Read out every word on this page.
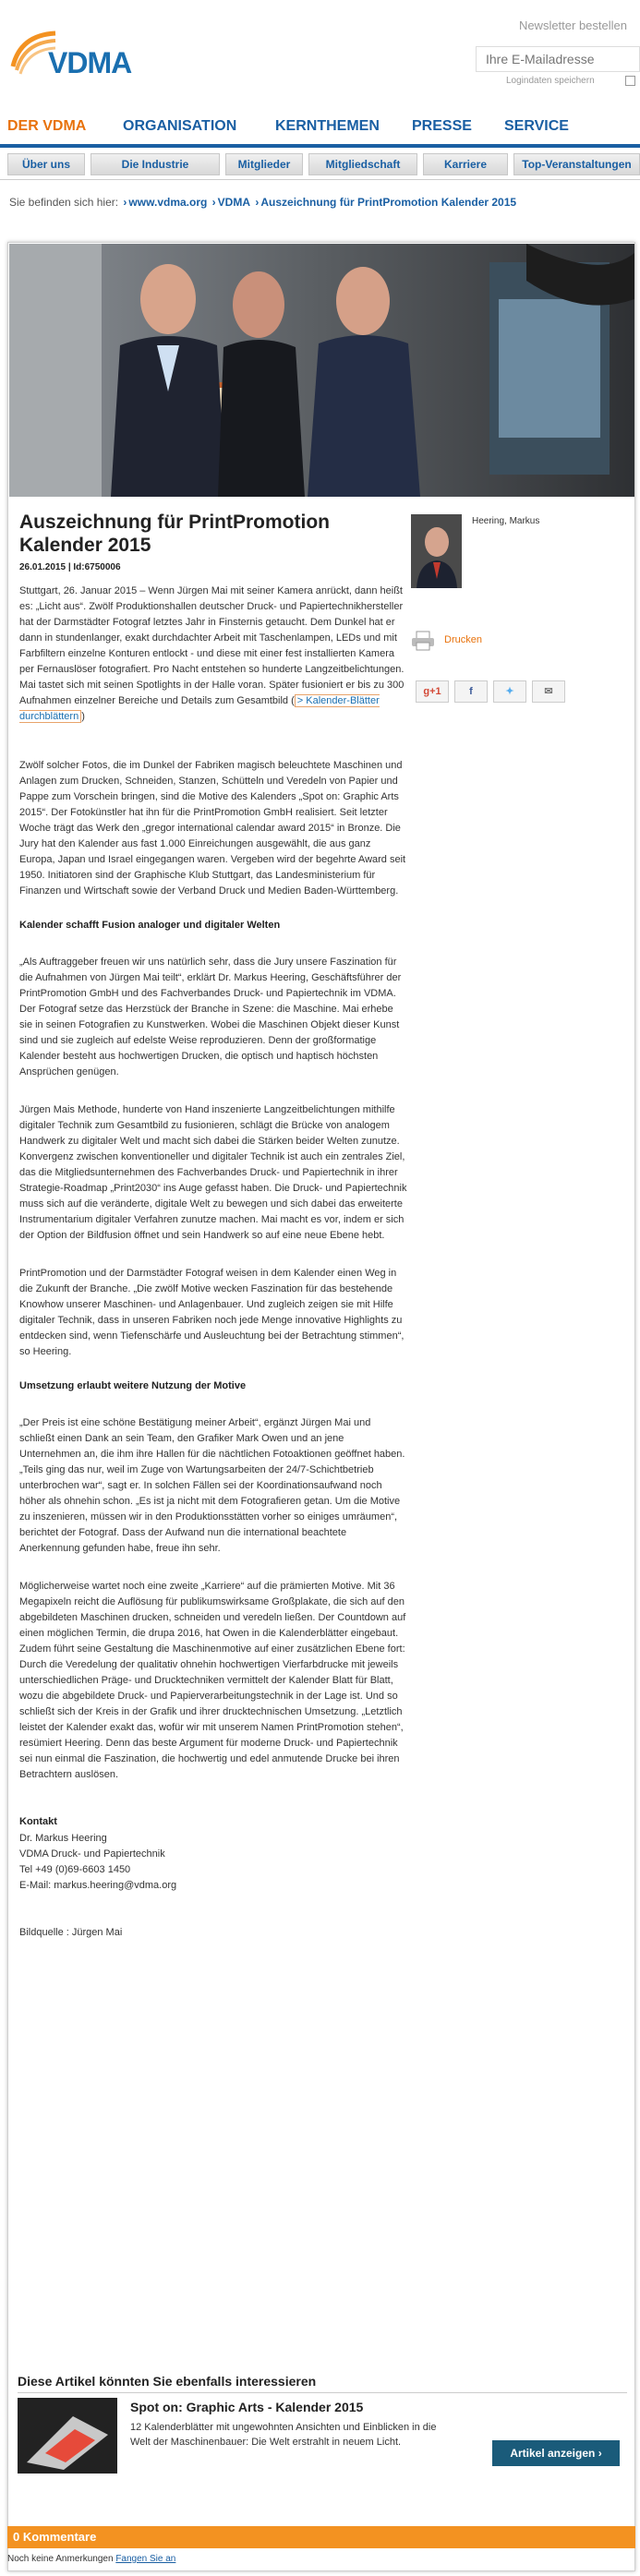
VDMA
Newsletter bestellen
Ihre E-Mailadresse
Logindaten speichern
DER VDMA ORGANISATION	KERNTHEMEN PRESSE SERVICE
Über uns	Die Industrie	Mitglieder	Mitgliedschaft	Karriere	Top-Veranstaltungen
Sie befinden sich hier: › www.vdma.org › VDMA › Auszeichnung für PrintPromotion Kalender 2015
Auszeichnung für PrintPromotion Kalender 2015
26.01.2015 | Id:6750006

Stuttgart, 26. Januar 2015 – Wenn Jürgen Mai mit seiner Kamera anrückt, dann heißt es: „Licht aus“. Zwölf Produktionshallen deutscher Druck- und Papiertechnikhersteller hat der Darmstädter Fotograf letztes Jahr in Finsternis getaucht. Dem Dunkel hat er dann in stundenlanger, exakt durchdachter Arbeit mit Taschenlampen, LEDs und mit Farbfiltern einzelne Konturen entlockt - und diese mit einer fest installierten Kamera per Fernauslöser fotografiert. Pro Nacht entstehen so hunderte Langzeitbelichtungen. Mai tastet sich mit seinen Spotlights in der Halle voran. Später fusioniert er bis zu 300 Aufnahmen einzelner Bereiche und Details zum Gesamtbild ( > Kalender-Blätter durchblättern )

Zwölf solcher Fotos, die im Dunkel der Fabriken magisch beleuchtete Maschinen und Anlagen zum Drucken, Schneiden, Stanzen, Schütteln und Veredeln von Papier und Pappe zum Vorschein bringen, sind die Motive des Kalenders „Spot on: Graphic Arts 2015“. Der Fotokünstler hat ihn für die PrintPromotion GmbH realisiert. Seit letzter Woche trägt das Werk den „gregor international calendar award 2015“ in Bronze. Die Jury hat den Kalender aus fast 1.000 Einreichungen ausgewählt, die aus ganz Europa, Japan und Israel eingegangen waren. Vergeben wird der begehrte Award seit 1950. Initiatoren sind der Graphische Klub Stuttgart, das Landesministerium für Finanzen und Wirtschaft sowie der Verband Druck und Medien Baden-Württemberg.

Kalender schafft Fusion analoger und digitaler Welten

„Als Auftraggeber freuen wir uns natürlich sehr, dass die Jury unsere Faszination für die Aufnahmen von Jürgen Mai teilt“, erklärt Dr. Markus Heering, Geschäftsführer der PrintPromotion GmbH und des Fachverbandes Druck- und Papiertechnik im VDMA. Der Fotograf setze das Herzstück der Branche in Szene: die Maschine. Mai erhebe sie in seinen Fotografien zu Kunstwerken. Wobei die Maschinen Objekt dieser Kunst sind und sie zugleich auf edelste Weise reproduzieren. Denn der großformatige Kalender besteht aus hochwertigen Drucken, die optisch und haptisch höchsten Ansprüchen genügen.

Jürgen Mais Methode, hunderte von Hand inszenierte Langzeitbelichtungen mithilfe digitaler Technik zum Gesamtbild zu fusionieren, schlägt die Brücke von analogem Handwerk zu digitaler Welt und macht sich dabei die Stärken beider Welten zunutze. Konvergenz zwischen konventioneller und digitaler Technik ist auch ein zentrales Ziel, das die Mitgliedsunternehmen des Fachverbandes Druck- und Papiertechnik in ihrer Strategie-Roadmap „Print2030“ ins Auge gefasst haben. Die Druck- und Papiertechnik muss sich auf die veränderte, digitale Welt zu bewegen und sich dabei das erweiterte Instrumentarium digitaler Verfahren zunutze machen. Mai macht es vor, indem er sich der Option der Bildfusion öffnet und sein Handwerk so auf eine neue Ebene hebt.

PrintPromotion und der Darmstädter Fotograf weisen in dem Kalender einen Weg in die Zukunft der Branche. „Die zwölf Motive wecken Faszination für das bestehende Knowhow unserer Maschinen- und Anlagenbauer. Und zugleich zeigen sie mit Hilfe digitaler Technik, dass in unseren Fabriken noch jede Menge innovative Highlights zu entdecken sind, wenn Tiefenschärfe und Ausleuchtung bei der Betrachtung stimmen“, so Heering.

Umsetzung erlaubt weitere Nutzung der Motive

„Der Preis ist eine schöne Bestätigung meiner Arbeit“, ergänzt Jürgen Mai und schließt einen Dank an sein Team, den Grafiker Mark Owen und an jene Unternehmen an, die ihm ihre Hallen für die nächtlichen Fotoaktionen geöffnet haben. „Teils ging das nur, weil im Zuge von Wartungsarbeiten der 24/7-Schichtbetrieb unterbrochen war“, sagt er. In solchen Fällen sei der Koordinationsaufwand noch höher als ohnehin schon. „Es ist ja nicht mit dem Fotografieren getan. Um die Motive zu inszenieren, müssen wir in den Produktionsstätten vorher so einiges umräumen“, berichtet der Fotograf. Dass der Aufwand nun die international beachtete Anerkennung gefunden habe, freue ihn sehr.

Möglicherweise wartet noch eine zweite „Karriere“ auf die prämierten Motive. Mit 36 Megapixeln reicht die Auflösung für publikumswirksame Großplakate, die sich auf den abgebildeten Maschinen drucken, schneiden und veredeln ließen. Der Countdown auf einen möglichen Termin, die drupa 2016, hat Owen in die Kalenderblätter eingebaut. Zudem führt seine Gestaltung die Maschinenmotive auf einer zusätzlichen Ebene fort: Durch die Veredelung der qualitativ ohnehin hochwertigen Vierfarbdrucke mit jeweils unterschiedlichen Präge- und Drucktechniken vermittelt der Kalender Blatt für Blatt, wozu die abgebildete Druck- und Papierverarbeitungstechnik in der Lage ist. Und so schließt sich der Kreis in der Grafik und ihrer drucktechnischen Umsetzung. „Letztlich leistet der Kalender exakt das, wofür wir mit unserem Namen PrintPromotion stehen“, resümiert Heering. Denn das beste Argument für moderne Druck- und Papiertechnik sei nun einmal die Faszination, die hochwertig und edel anmutende Drucke bei ihren Betrachtern auslösen.

Kontakt

Dr. Markus Heering
VDMA Druck- und Papiertechnik
Tel +49 (0)69-6603 1450
E-Mail: markus.heering@vdma.org

Bildquelle : Jürgen Mai

Heering, Markus
Drucken
g+1	f	✦	✉
Diese Artikel könnten Sie ebenfalls interessieren
Spot on: Graphic Arts - Kalender 2015
12 Kalenderblätter mit ungewohnten Ansichten und Einblicken in die Welt der Maschinenbauer: Die Welt erstrahlt in neuem Licht.
Artikel anzeigen ›
0 Kommentare
Noch keine Anmerkungen Fangen Sie an
